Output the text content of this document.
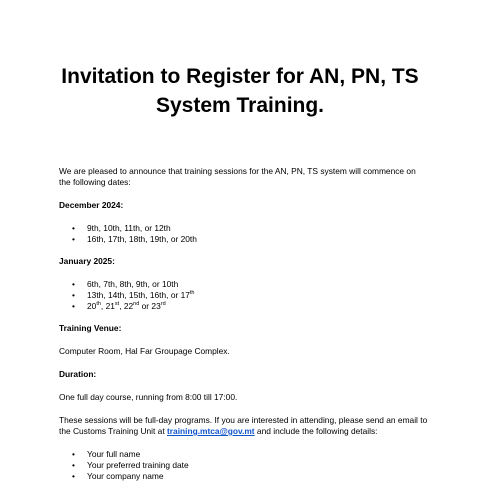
Invitation to Register for AN, PN, TS
System Training.

We are pleased to announce that training sessions for the AN, PN, TS system will commence on the following dates:

December 2024:

• 9th, 10th, 11th, or 12th
• 16th, 17th, 18th, 19th, or 20th

January 2025:

• 6th, 7th, 8th, 9th, or 10th
• 13th, 14th, 15th, 16th, or 17th
• 20th, 21st, 22nd or 23rd

Training Venue:

Computer Room, Hal Far Groupage Complex.

Duration:

One full day course, running from 8:00 till 17:00.

These sessions will be full-day programs. If you are interested in attending, please send an email to the Customs Training Unit at training.mtca@gov.mt and include the following details:

• Your full name
• Your preferred training date
• Your company name
